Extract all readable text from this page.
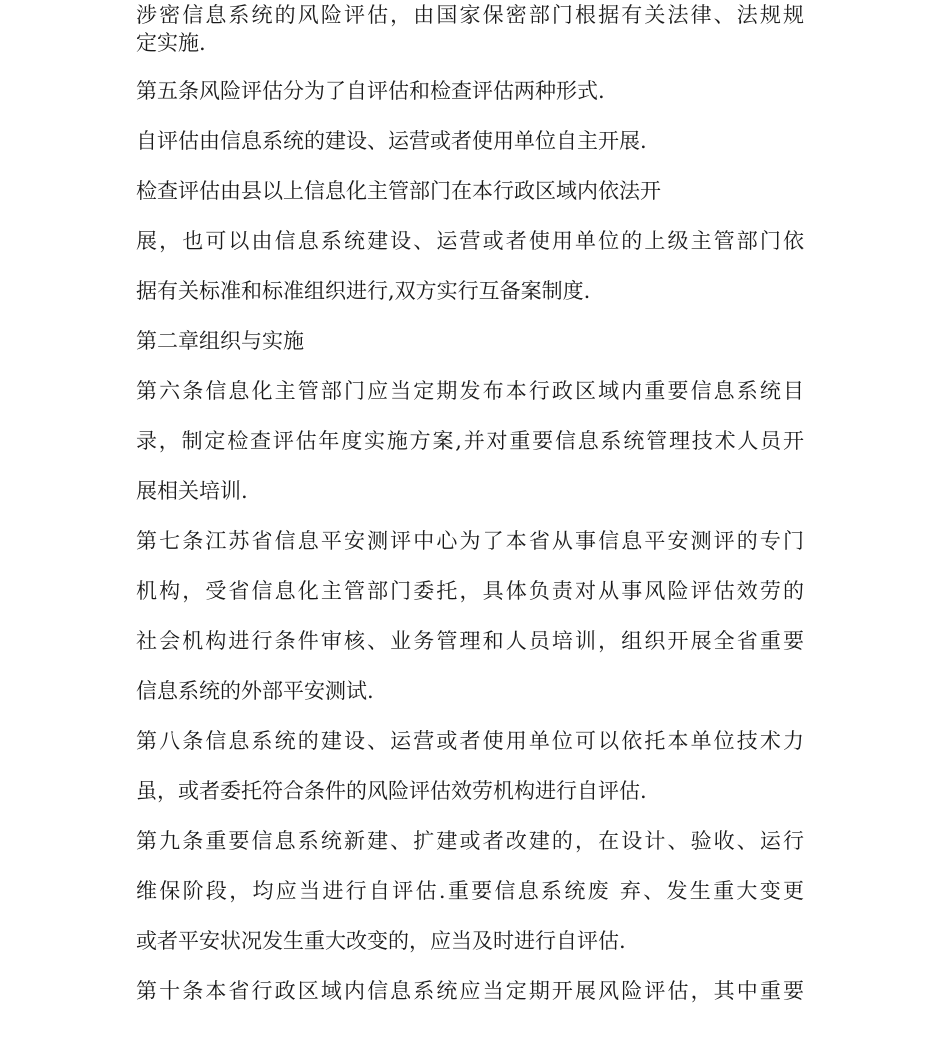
涉密信息系统的风险评估，由国家保密部门根据有关法律、法规规
定实施.
第五条风险评估分为了自评估和检查评估两种形式.
自评估由信息系统的建设、运营或者使用单位自主开展.
检查评估由县以上信息化主管部门在本行政区域内依法开
展，也可以由信息系统建设、运营或者使用单位的上级主管部门依
据有关标准和标准组织进行,双方实行互备案制度.
第二章组织与实施
第六条信息化主管部门应当定期发布本行政区域内重要信息系统目
录，制定检查评估年度实施方案,并对重要信息系统管理技术人员开
展相关培训.
第七条江苏省信息平安测评中心为了本省从事信息平安测评的专门
机构，受省信息化主管部门委托，具体负责对从事风险评估效劳的
社会机构进行条件审核、业务管理和人员培训，组织开展全省重要
信息系统的外部平安测试.
第八条信息系统的建设、运营或者使用单位可以依托本单位技术力
虽，或者委托符合条件的风险评估效劳机构进行自评估.
第九条重要信息系统新建、扩建或者改建的，在设计、验收、运行
维保阶段，均应当进行自评估.重要信息系统废 弃、发生重大变更
或者平安状况发生重大改变的，应当及时进行自评估.
第十条本省行政区域内信息系统应当定期开展风险评估，其中重要
